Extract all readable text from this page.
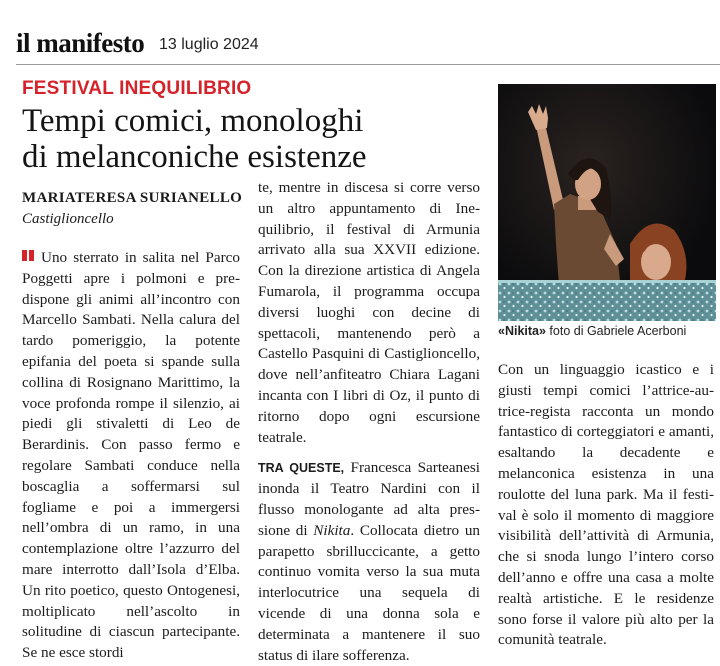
il manifesto 13 luglio 2024
FESTIVAL INEQUILIBRIO
Tempi comici, monologhi
di melanconiche esistenze
MARIATERESA SURIANELLO
Castiglioncello

Uno sterrato in salita nel Parco Poggetti apre i polmoni e predispone gli animi all’incontro con Marcello Sambati. Nella calura del tardo pomeriggio, la potente epifania del poeta si spande sulla collina di Rosignano Marittimo, la voce profonda rompe il silenzio, ai piedi gli stivaletti di Leo de Berardinis. Con passo fermo e regolare Sambati conduce nella boscaglia a soffermarsi sul fogliame e poi a immergersi nell’ombra di un ramo, in una contemplazione oltre l’azzurro del mare interrotto dall’Isola d’Elba. Un rito poetico, questo Ontogenesi, moltiplicato nell’ascolto in solitudine di ciascun partecipante. Se ne esce stordi

te, mentre in discesa si corre verso un altro appuntamento di Inequilibrio, il festival di Armunia arrivato alla sua XXVII edizione. Con la direzione artistica di Angela Fumarola, il programma occupa diversi luoghi con decine di spettacoli, mantenendo però a Castello Pasquini di Castiglioncello, dove nell’anfiteatro Chiara Lagani incanta con I libri di Oz, il punto di ritorno dopo ogni escursione teatrale.

TRA QUESTE, Francesca Sarteanesi inonda il Teatro Nardini con il flusso monologante ad alta pressione di Nikita. Collocata dietro un parapetto sbrilluccicante, a getto continuo vomita verso la sua muta interlocutrice una sequela di vicende di una donna sola e determinata a mantenere il suo status di ilare sofferenza.

«Nikita» foto di Gabriele Acerboni

Con un linguaggio icastico e i giusti tempi comici l’attrice-autrice-regista racconta un mondo fantastico di corteggiatori e amanti, esaltando la decadente e melanconica esistenza in una roulotte del luna park. Ma il festival è solo il momento di maggiore visibilità dell’attività di Armunia, che si snoda lungo l’intero corso dell’anno e offre una casa a molte realtà artistiche. E le residenze sono forse il valore più alto per la comunità teatrale.
